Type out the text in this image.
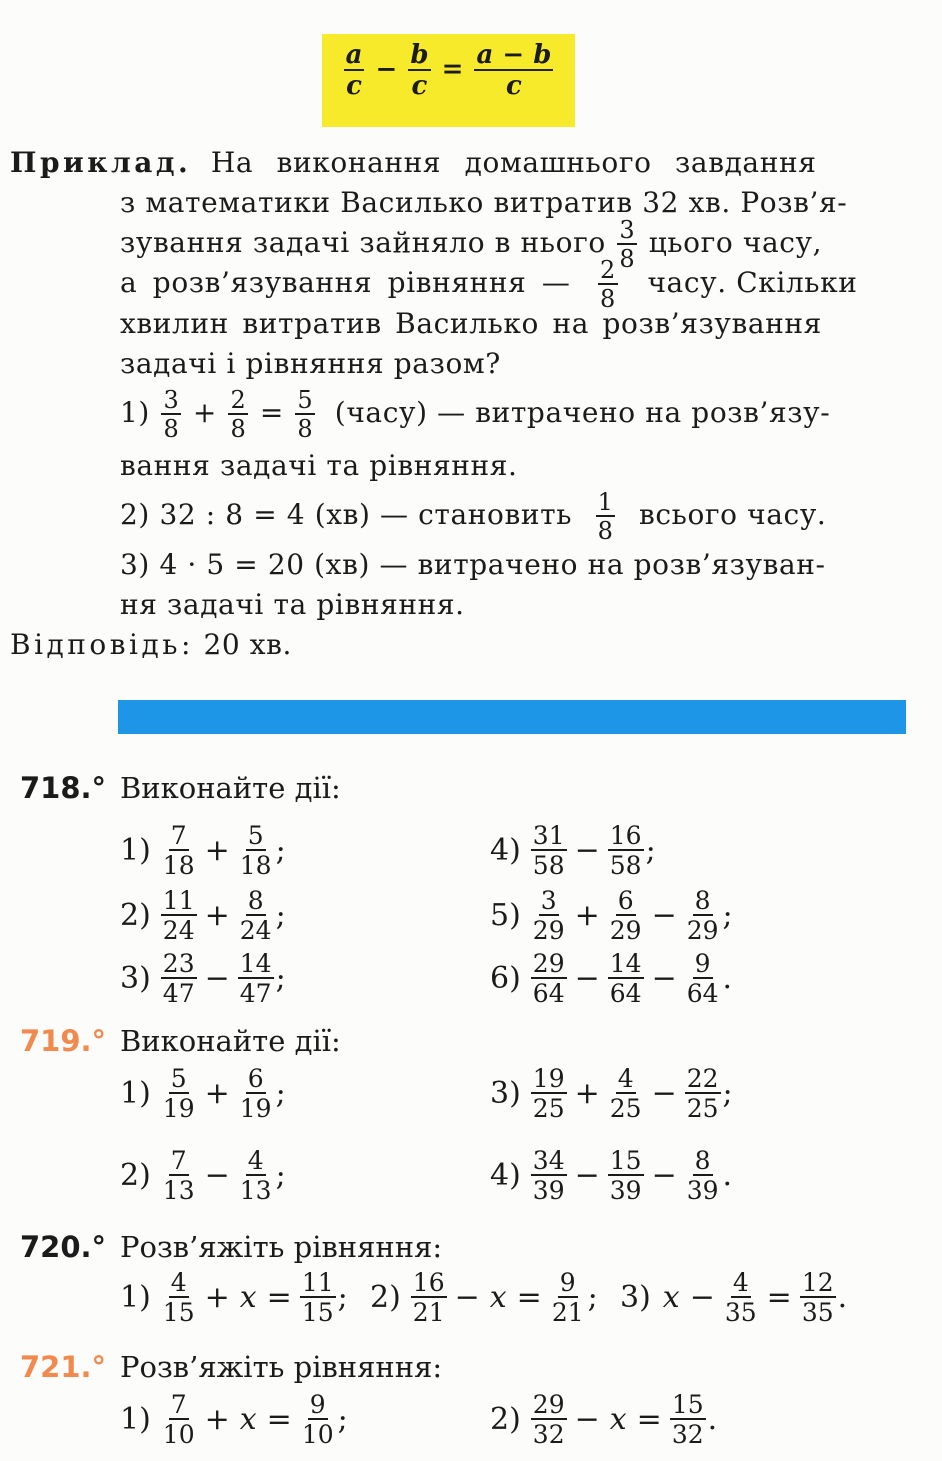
$\frac{a}{c} - \frac{b}{c} = \frac{a - b}{c}$
Приклад. На виконання домашнього завдання
з математики Василько витратив 32 хв. Розв’я-
зування задачі зайняло в нього $\frac{3}{8}$ цього часу,
а розв’язування рівняння — $\frac{2}{8}$ часу. Скільки
хвилин витратив Василько на розв’язування
задачі і рівняння разом?
$1) \frac{3}{8} + \frac{2}{8} = \frac{5}{8}$ (часу) — витрачено на розв’язу-
вання задачі та рівняння.
2) 32 : 8 = 4 (хв) — становить $\frac{1}{8}$ всього часу.
3) 4 · 5 = 20 (хв) — витрачено на розв’язуван-
ня задачі та рівняння.
Відповідь: 20 хв.
718.° Виконайте дії:
$1) \frac{7}{18} + \frac{5}{18}$ ;
$2) \frac{11}{24} + \frac{8}{24}$ ;
$3) \frac{23}{47} - \frac{14}{47}$ ;
$4) \frac{31}{58} - \frac{16}{58}$ ;
$5) \frac{3}{29} + \frac{6}{29} - \frac{8}{29}$ ;
$6) \frac{29}{64} - \frac{14}{64} - \frac{9}{64}$ .
719.° Виконайте дії:
$1) \frac{5}{19} + \frac{6}{19}$ ;
$2) \frac{7}{13} - \frac{4}{13}$ ;
$3) \frac{19}{25} + \frac{4}{25} - \frac{22}{25}$ ;
$4) \frac{34}{39} - \frac{15}{39} - \frac{8}{39}$ .
720.° Розв’яжіть рівняння:
$1) \frac{4}{15} + x = \frac{11}{15}$ ; $2) \frac{16}{21} - x = \frac{9}{21}$ ; 3) $x - \frac{4}{35} = \frac{12}{35}$ .
721.° Розв’яжіть рівняння:
$1) \frac{7}{10} + x = \frac{9}{10}$ ;	$2) \frac{29}{32} - x = \frac{15}{32}$ .
